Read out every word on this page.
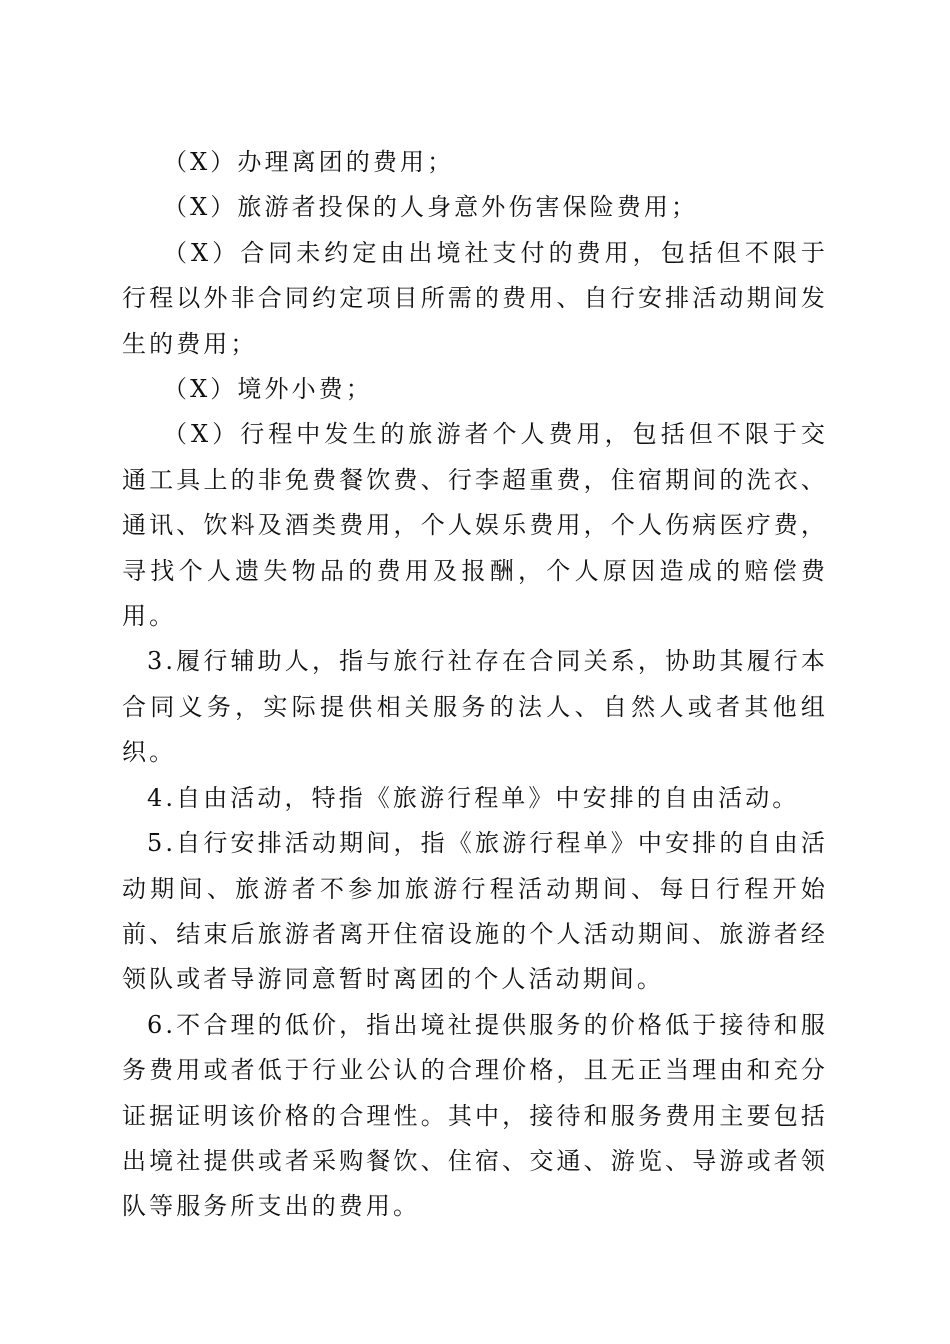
（X）办理离团的费用；

（X）旅游者投保的人身意外伤害保险费用；

（X）合同未约定由出境社支付的费用，包括但不限于行程以外非合同约定项目所需的费用、自行安排活动期间发生的费用；

（X）境外小费；

（X）行程中发生的旅游者个人费用，包括但不限于交通工具上的非免费餐饮费、行李超重费，住宿期间的洗衣、通讯、饮料及酒类费用，个人娱乐费用，个人伤病医疗费，寻找个人遗失物品的费用及报酬，个人原因造成的赔偿费用。

3.履行辅助人，指与旅行社存在合同关系，协助其履行本合同义务，实际提供相关服务的法人、自然人或者其他组织。

4.自由活动，特指《旅游行程单》中安排的自由活动。

5.自行安排活动期间，指《旅游行程单》中安排的自由活动期间、旅游者不参加旅游行程活动期间、每日行程开始前、结束后旅游者离开住宿设施的个人活动期间、旅游者经领队或者导游同意暂时离团的个人活动期间。

6.不合理的低价，指出境社提供服务的价格低于接待和服务费用或者低于行业公认的合理价格，且无正当理由和充分证据证明该价格的合理性。其中，接待和服务费用主要包括出境社提供或者采购餐饮、住宿、交通、游览、导游或者领队等服务所支出的费用。
